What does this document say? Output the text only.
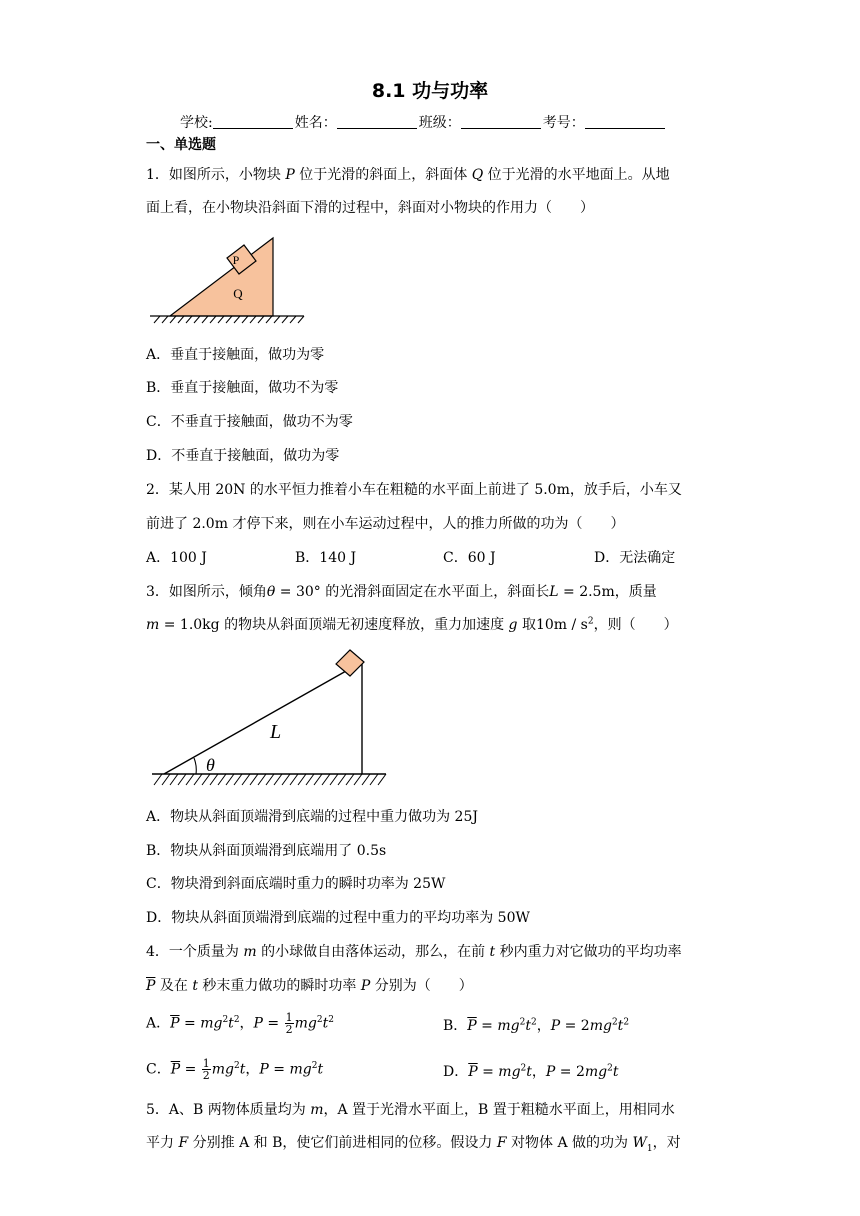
8.1 功与功率
学校:	姓名：	班级：	考号：
一、单选题
1．如图所示，小物块 P 位于光滑的斜面上，斜面体 Q 位于光滑的水平地面上。从地
面上看，在小物块沿斜面下滑的过程中，斜面对小物块的作用力（　　）
P
Q
A．垂直于接触面，做功为零
B．垂直于接触面，做功不为零
C．不垂直于接触面，做功不为零
D．不垂直于接触面，做功为零
2．某人用 20N 的水平恒力推着小车在粗糙的水平面上前进了 5.0m，放手后，小车又
前进了 2.0m 才停下来，则在小车运动过程中，人的推力所做的功为（　　）
A．100 J	B．140 J	C．60 J	D．无法确定
3．如图所示，倾角θ = 30° 的光滑斜面固定在水平面上，斜面长L = 2.5m，质量
m = 1.0kg 的物块从斜面顶端无初速度释放，重力加速度 g 取$10m / s^2$，则（　　）
θ
L
A．物块从斜面顶端滑到底端的过程中重力做功为 25J
B．物块从斜面顶端滑到底端用了 0.5s
C．物块滑到斜面底端时重力的瞬时功率为 25W
D．物块从斜面顶端滑到底端的过程中重力的平均功率为 50W
4．一个质量为 m 的小球做自由落体运动，那么，在前 t 秒内重力对它做功的平均功率
$\overline{P}$ 及在 t 秒末重力做功的瞬时功率 P 分别为（　　）
A．$\overline{P} = mg^2t^2$，$P = \frac{1}{2} mg^2t^2$	B．$\overline{P} = mg^2t^2$，$P = 2mg^2t^2$
C．$\overline{P} = \frac{1}{2} mg^2t$，$P = mg^2t$	D．$\overline{P} = mg^2t$，$P = 2mg^2t$
5．A、B 两物体质量均为 m，A 置于光滑水平面上，B 置于粗糙水平面上，用相同水
平力 F 分别推 A 和 B，使它们前进相同的位移。假设力 F 对物体 A 做的功为 $W_1$，对
